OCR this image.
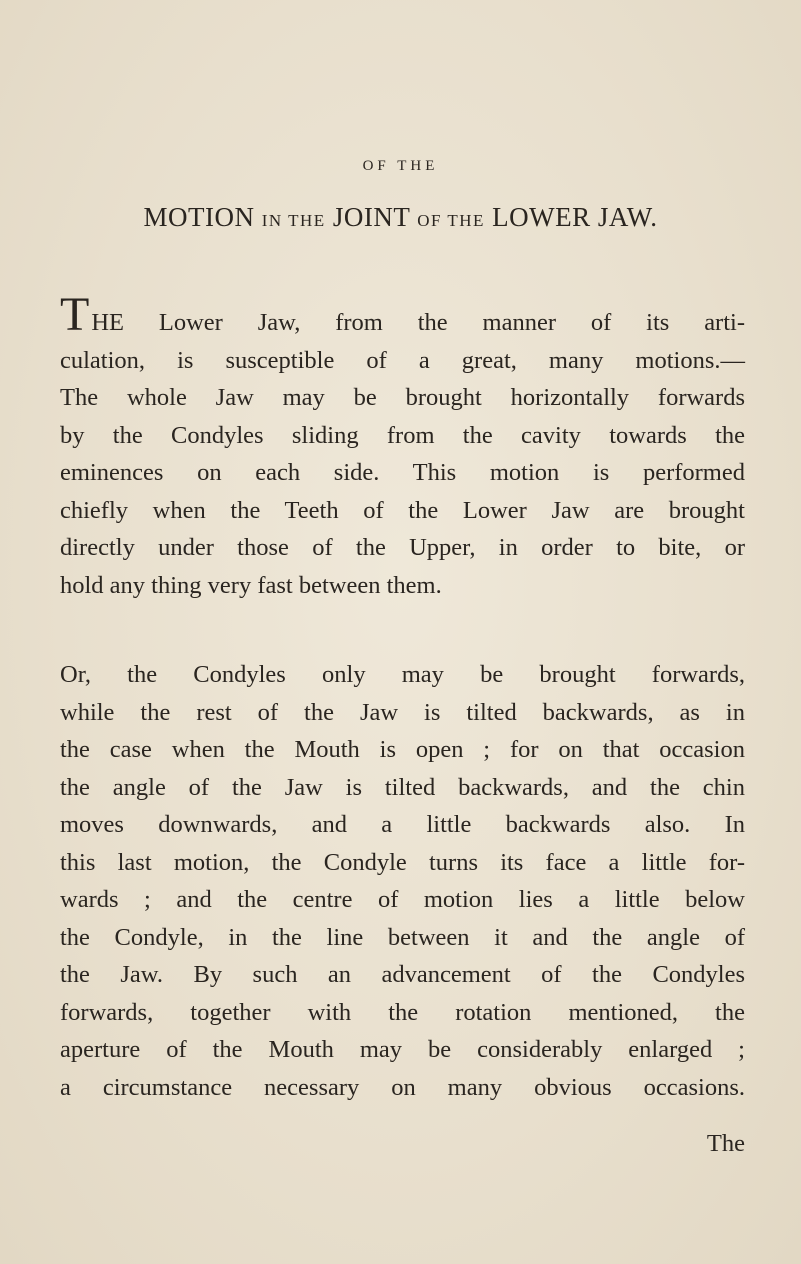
OF THE
MOTION IN THE JOINT OF THE LOWER JAW.
THE Lower Jaw, from the manner of its arti-
culation, is susceptible of a great, many motions.—
The whole Jaw may be brought horizontally forwards
by the Condyles sliding from the cavity towards the
eminences on each side. This motion is performed
chiefly when the Teeth of the Lower Jaw are brought
directly under those of the Upper, in order to bite, or
hold any thing very fast between them.
Or, the Condyles only may be brought forwards,
while the rest of the Jaw is tilted backwards, as in
the case when the Mouth is open ; for on that occasion
the angle of the Jaw is tilted backwards, and the chin
moves downwards, and a little backwards also. In
this last motion, the Condyle turns its face a little for-
wards ; and the centre of motion lies a little below
the Condyle, in the line between it and the angle of
the Jaw. By such an advancement of the Condyles
forwards, together with the rotation mentioned, the
aperture of the Mouth may be considerably enlarged ;
a circumstance necessary on many obvious occasions.
The
